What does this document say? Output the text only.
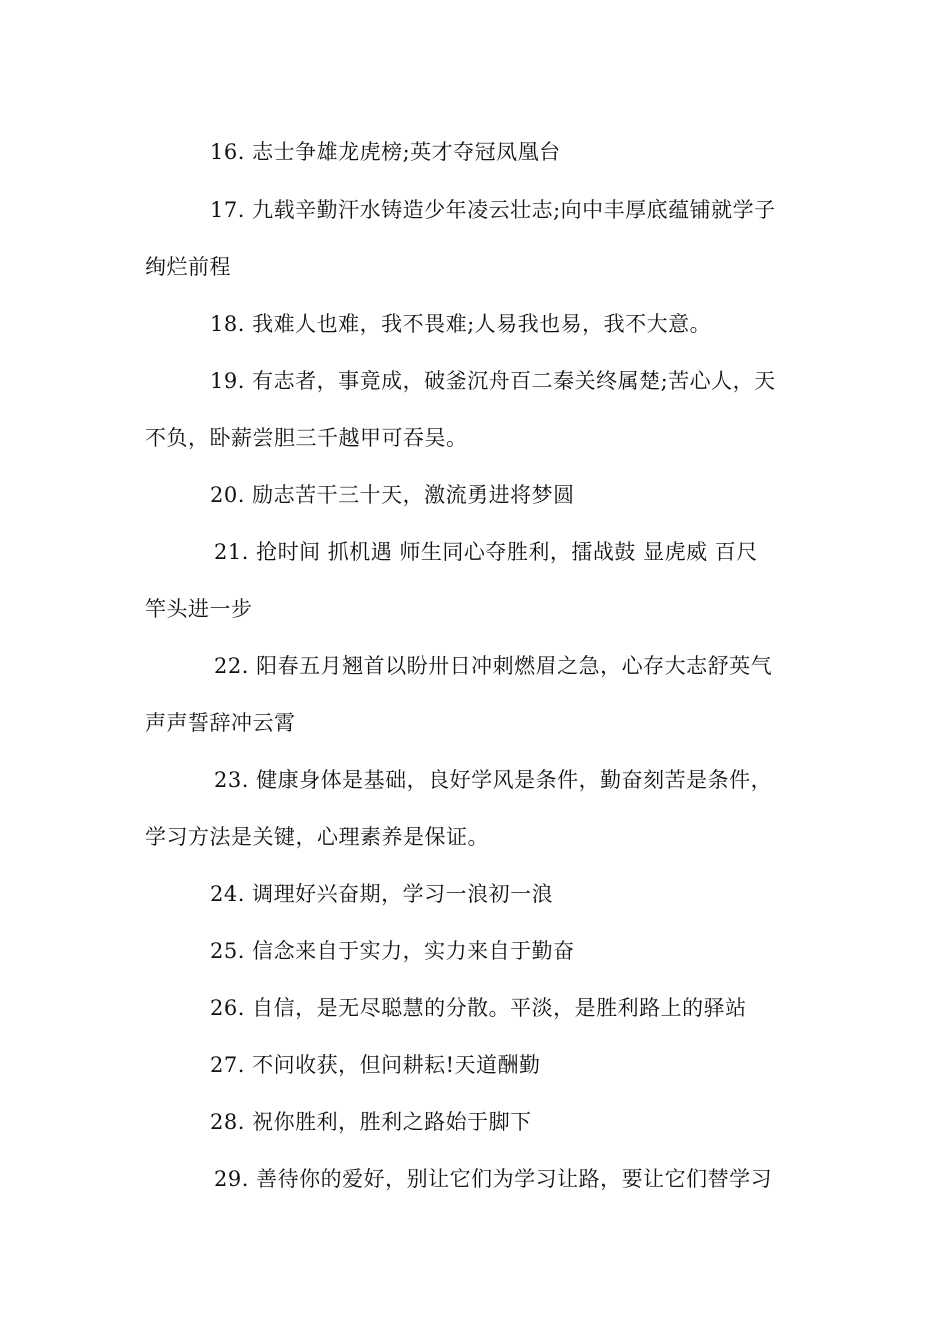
16. 志士争雄龙虎榜;英才夺冠凤凰台
17. 九载辛勤汗水铸造少年凌云壮志;向中丰厚底蕴铺就学子
绚烂前程
18. 我难人也难，我不畏难;人易我也易，我不大意。
19. 有志者，事竟成，破釜沉舟百二秦关终属楚;苦心人，天
不负，卧薪尝胆三千越甲可吞吴。
20. 励志苦干三十天，激流勇进将梦圆
21. 抢时间 抓机遇 师生同心夺胜利，擂战鼓 显虎威 百尺
竿头进一步
22. 阳春五月翘首以盼卅日冲刺燃眉之急，心存大志舒英气
声声誓辞冲云霄
23. 健康身体是基础，良好学风是条件，勤奋刻苦是条件，
学习方法是关键，心理素养是保证。
24. 调理好兴奋期，学习一浪初一浪
25. 信念来自于实力，实力来自于勤奋
26. 自信，是无尽聪慧的分散。平淡，是胜利路上的驿站
27. 不问收获，但问耕耘!天道酬勤
28. 祝你胜利，胜利之路始于脚下
29. 善待你的爱好，别让它们为学习让路，要让它们替学习
